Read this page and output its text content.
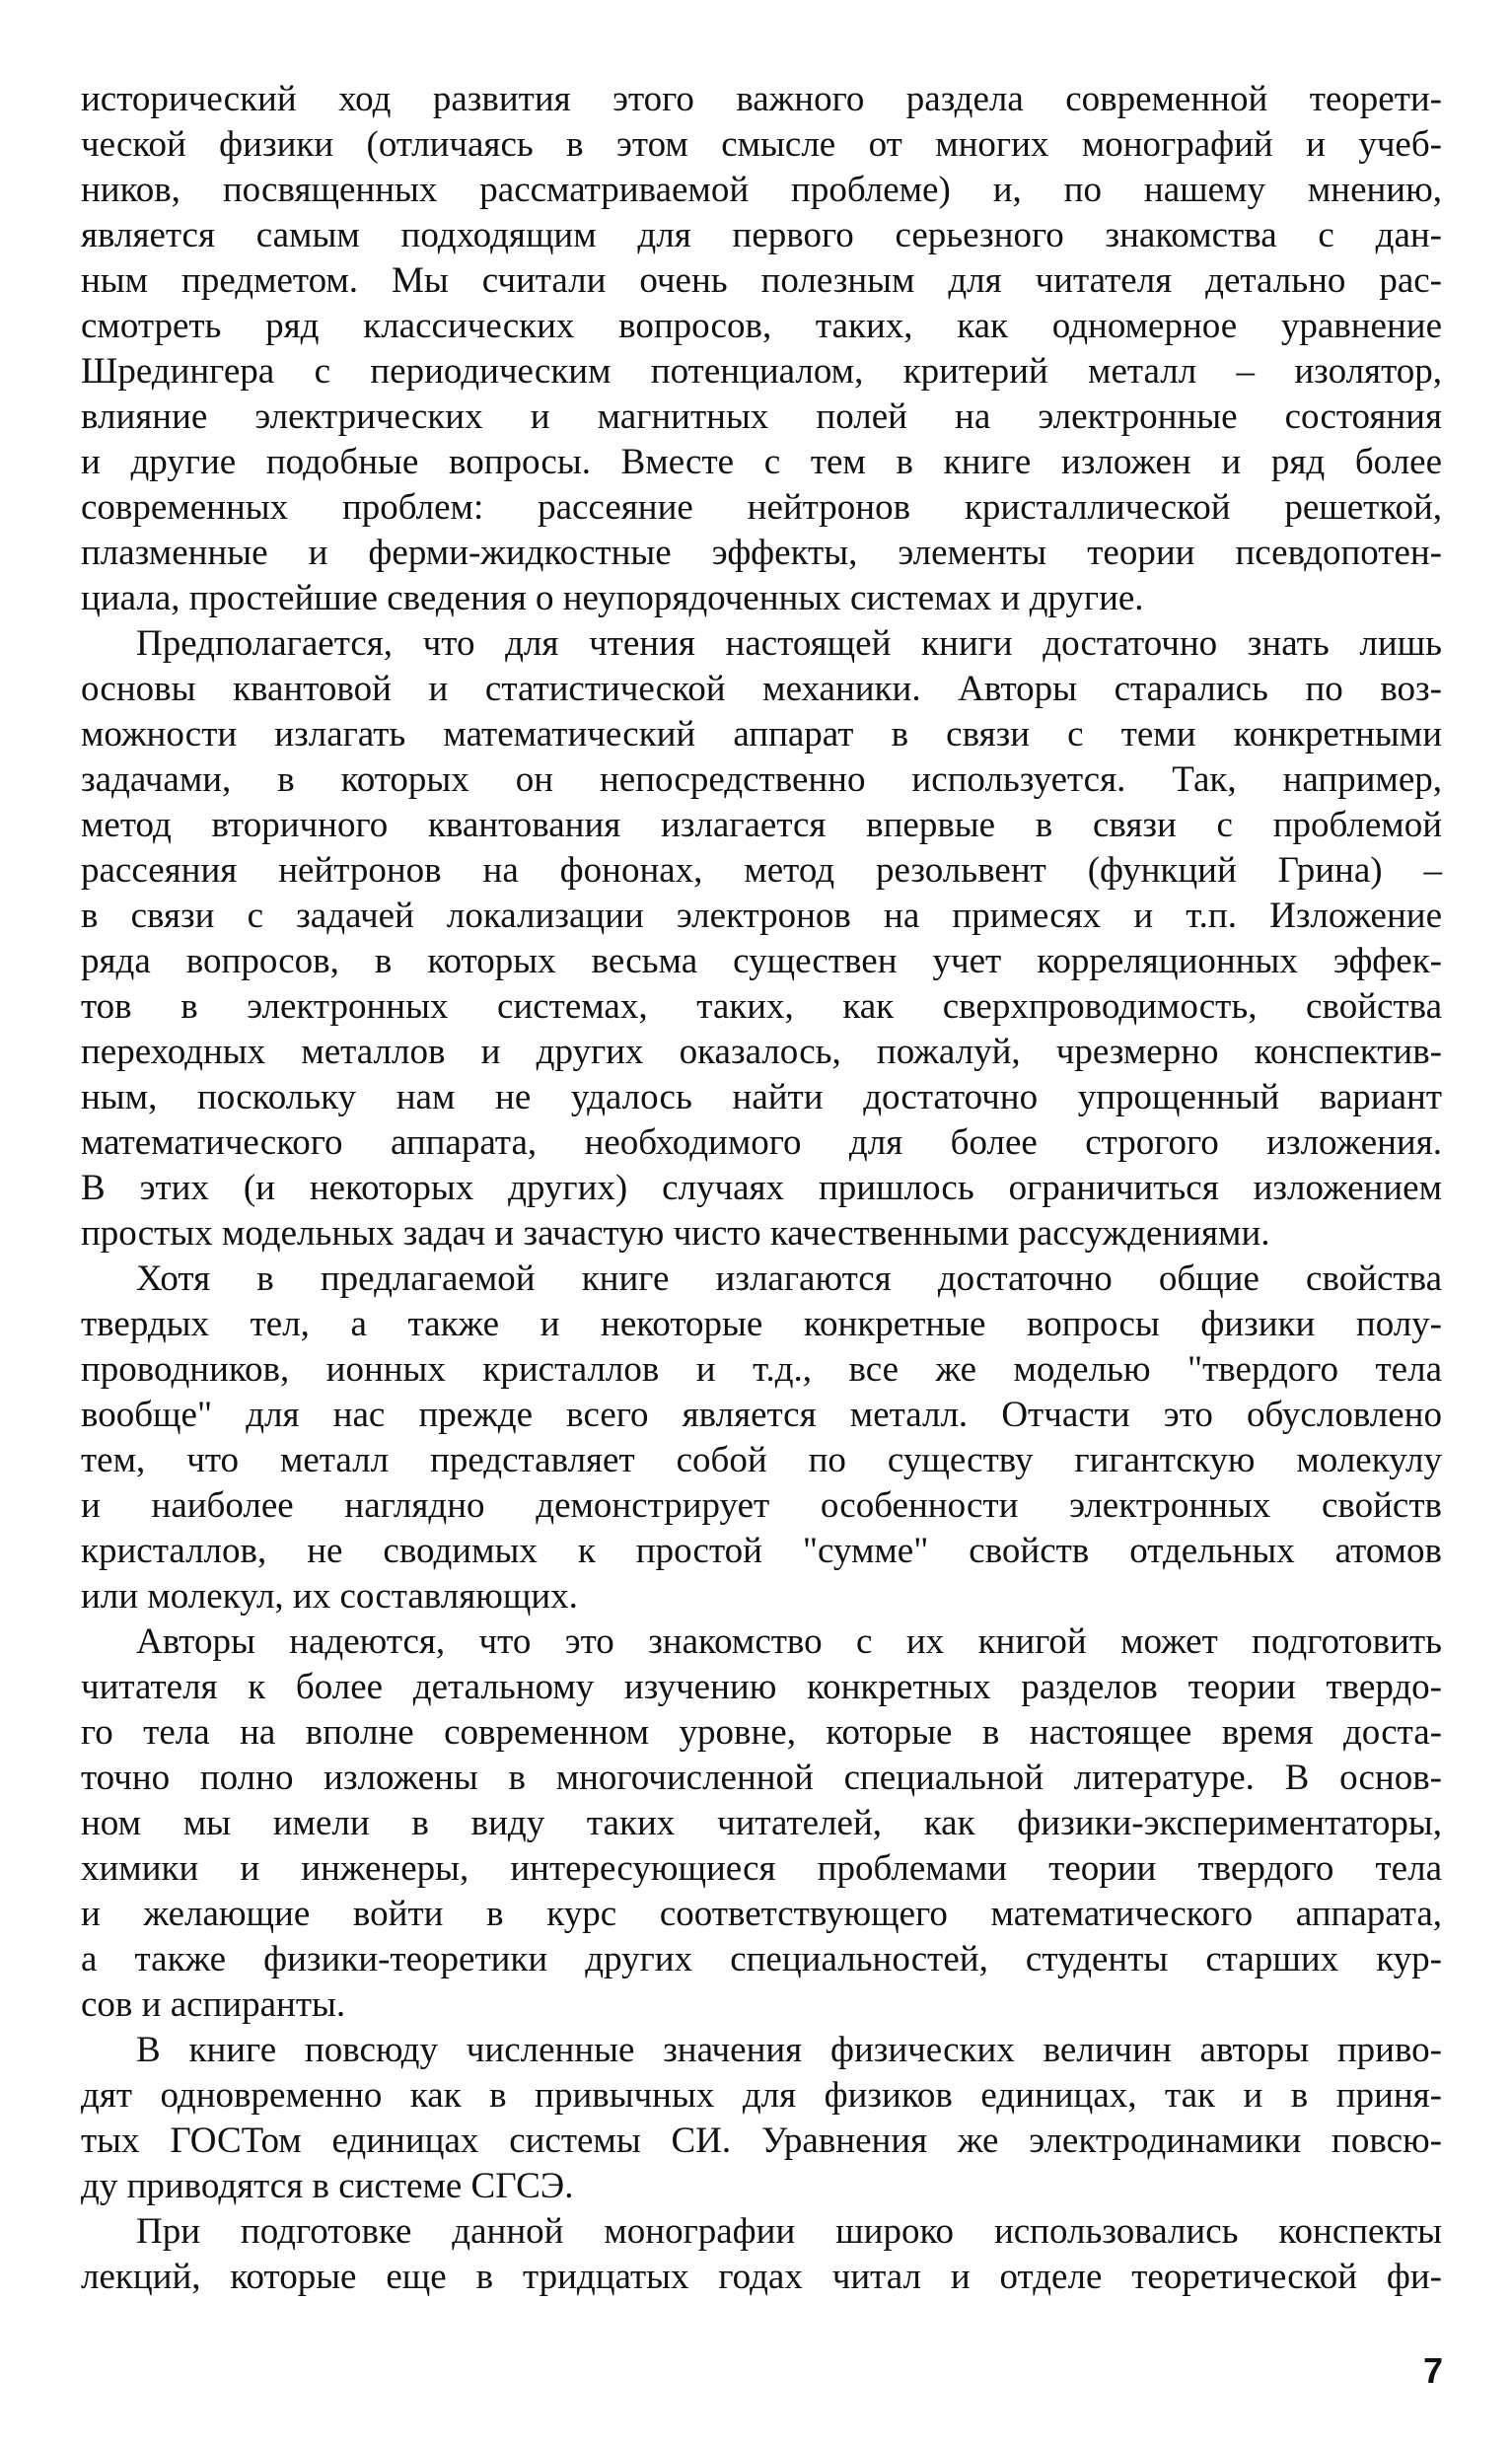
исторический ход развития этого важного раздела современной теорети-
ческой физики (отличаясь в этом смысле от многих монографий и учеб-
ников, посвященных рассматриваемой проблеме) и, по нашему мнению,
является самым подходящим для первого серьезного знакомства с дан-
ным предметом. Мы считали очень полезным для читателя детально рас-
смотреть ряд классических вопросов, таких, как одномерное уравнение
Шредингера с периодическим потенциалом, критерий металл – изолятор,
влияние электрических и магнитных полей на электронные состояния
и другие подобные вопросы. Вместе с тем в книге изложен и ряд более
современных проблем: рассеяние нейтронов кристаллической решеткой,
плазменные и ферми-жидкостные эффекты, элементы теории псевдопотен-
циала, простейшие сведения о неупорядоченных системах и другие.
Предполагается, что для чтения настоящей книги достаточно знать лишь
основы квантовой и статистической механики. Авторы старались по воз-
можности излагать математический аппарат в связи с теми конкретными
задачами, в которых он непосредственно используется. Так, например,
метод вторичного квантования излагается впервые в связи с проблемой
рассеяния нейтронов на фононах, метод резольвент (функций Грина) –
в связи с задачей локализации электронов на примесях и т.п. Изложение
ряда вопросов, в которых весьма существен учет корреляционных эффек-
тов в электронных системах, таких, как сверхпроводимость, свойства
переходных металлов и других оказалось, пожалуй, чрезмерно конспектив-
ным, поскольку нам не удалось найти достаточно упрощенный вариант
математического аппарата, необходимого для более строгого изложения.
В этих (и некоторых других) случаях пришлось ограничиться изложением
простых модельных задач и зачастую чисто качественными рассуждениями.
Хотя в предлагаемой книге излагаются достаточно общие свойства
твердых тел, а также и некоторые конкретные вопросы физики полу-
проводников, ионных кристаллов и т.д., все же моделью "твердого тела
вообще" для нас прежде всего является металл. Отчасти это обусловлено
тем, что металл представляет собой по существу гигантскую молекулу
и наиболее наглядно демонстрирует особенности электронных свойств
кристаллов, не сводимых к простой "сумме" свойств отдельных атомов
или молекул, их составляющих.
Авторы надеются, что это знакомство с их книгой может подготовить
читателя к более детальному изучению конкретных разделов теории твердо-
го тела на вполне современном уровне, которые в настоящее время доста-
точно полно изложены в многочисленной специальной литературе. В основ-
ном мы имели в виду таких читателей, как физики-экспериментаторы,
химики и инженеры, интересующиеся проблемами теории твердого тела
и желающие войти в курс соответствующего математического аппарата,
а также физики-теоретики других специальностей, студенты старших кур-
сов и аспиранты.
В книге повсюду численные значения физических величин авторы приво-
дят одновременно как в привычных для физиков единицах, так и в приня-
тых ГОСТом единицах системы СИ. Уравнения же электродинамики повсю-
ду приводятся в системе СГСЭ.
При подготовке данной монографии широко использовались конспекты
лекций, которые еще в тридцатых годах читал и отделе теоретической фи-
7
